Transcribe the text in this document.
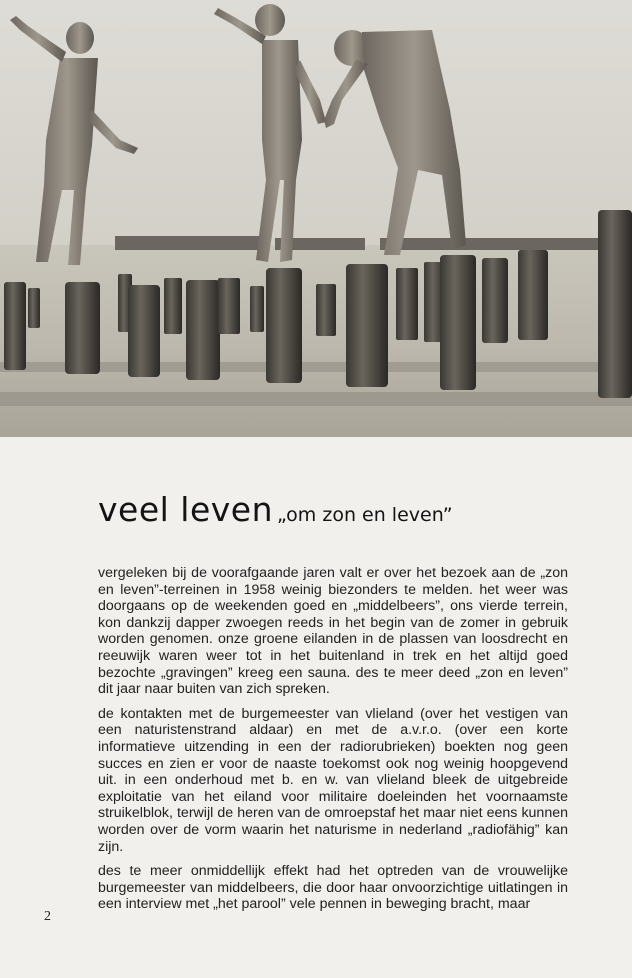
veel leven „om zon en leven”

vergeleken bij de voorafgaande jaren valt er over het bezoek aan de „zon en leven”-terreinen in 1958 weinig biezonders te melden. het weer was doorgaans op de weekenden goed en „middelbeers”, ons vierde terrein, kon dankzij dapper zwoegen reeds in het begin van de zomer in gebruik worden genomen. onze groene eilanden in de plassen van loosdrecht en reeuwijk waren weer tot in het buitenland in trek en het altijd goed bezochte „gravingen” kreeg een sauna. des te meer deed „zon en leven” dit jaar naar buiten van zich spreken.

de kontakten met de burgemeester van vlieland (over het vestigen van een naturistenstrand aldaar) en met de a.v.r.o. (over een korte informatieve uitzending in een der radiorubrieken) boekten nog geen succes en zien er voor de naaste toekomst ook nog weinig hoopgevend uit. in een onderhoud met b. en w. van vlieland bleek de uitgebreide exploitatie van het eiland voor militaire doeleinden het voornaamste struikelblok, terwijl de heren van de omroepstaf het maar niet eens kunnen worden over de vorm waarin het naturisme in nederland „radiofähig” kan zijn.

des te meer onmiddellijk effekt had het optreden van de vrouwelijke burgemeester van middelbeers, die door haar onvoorzichtige uitlatingen in een interview met „het parool” vele pennen in beweging bracht, maar

2
